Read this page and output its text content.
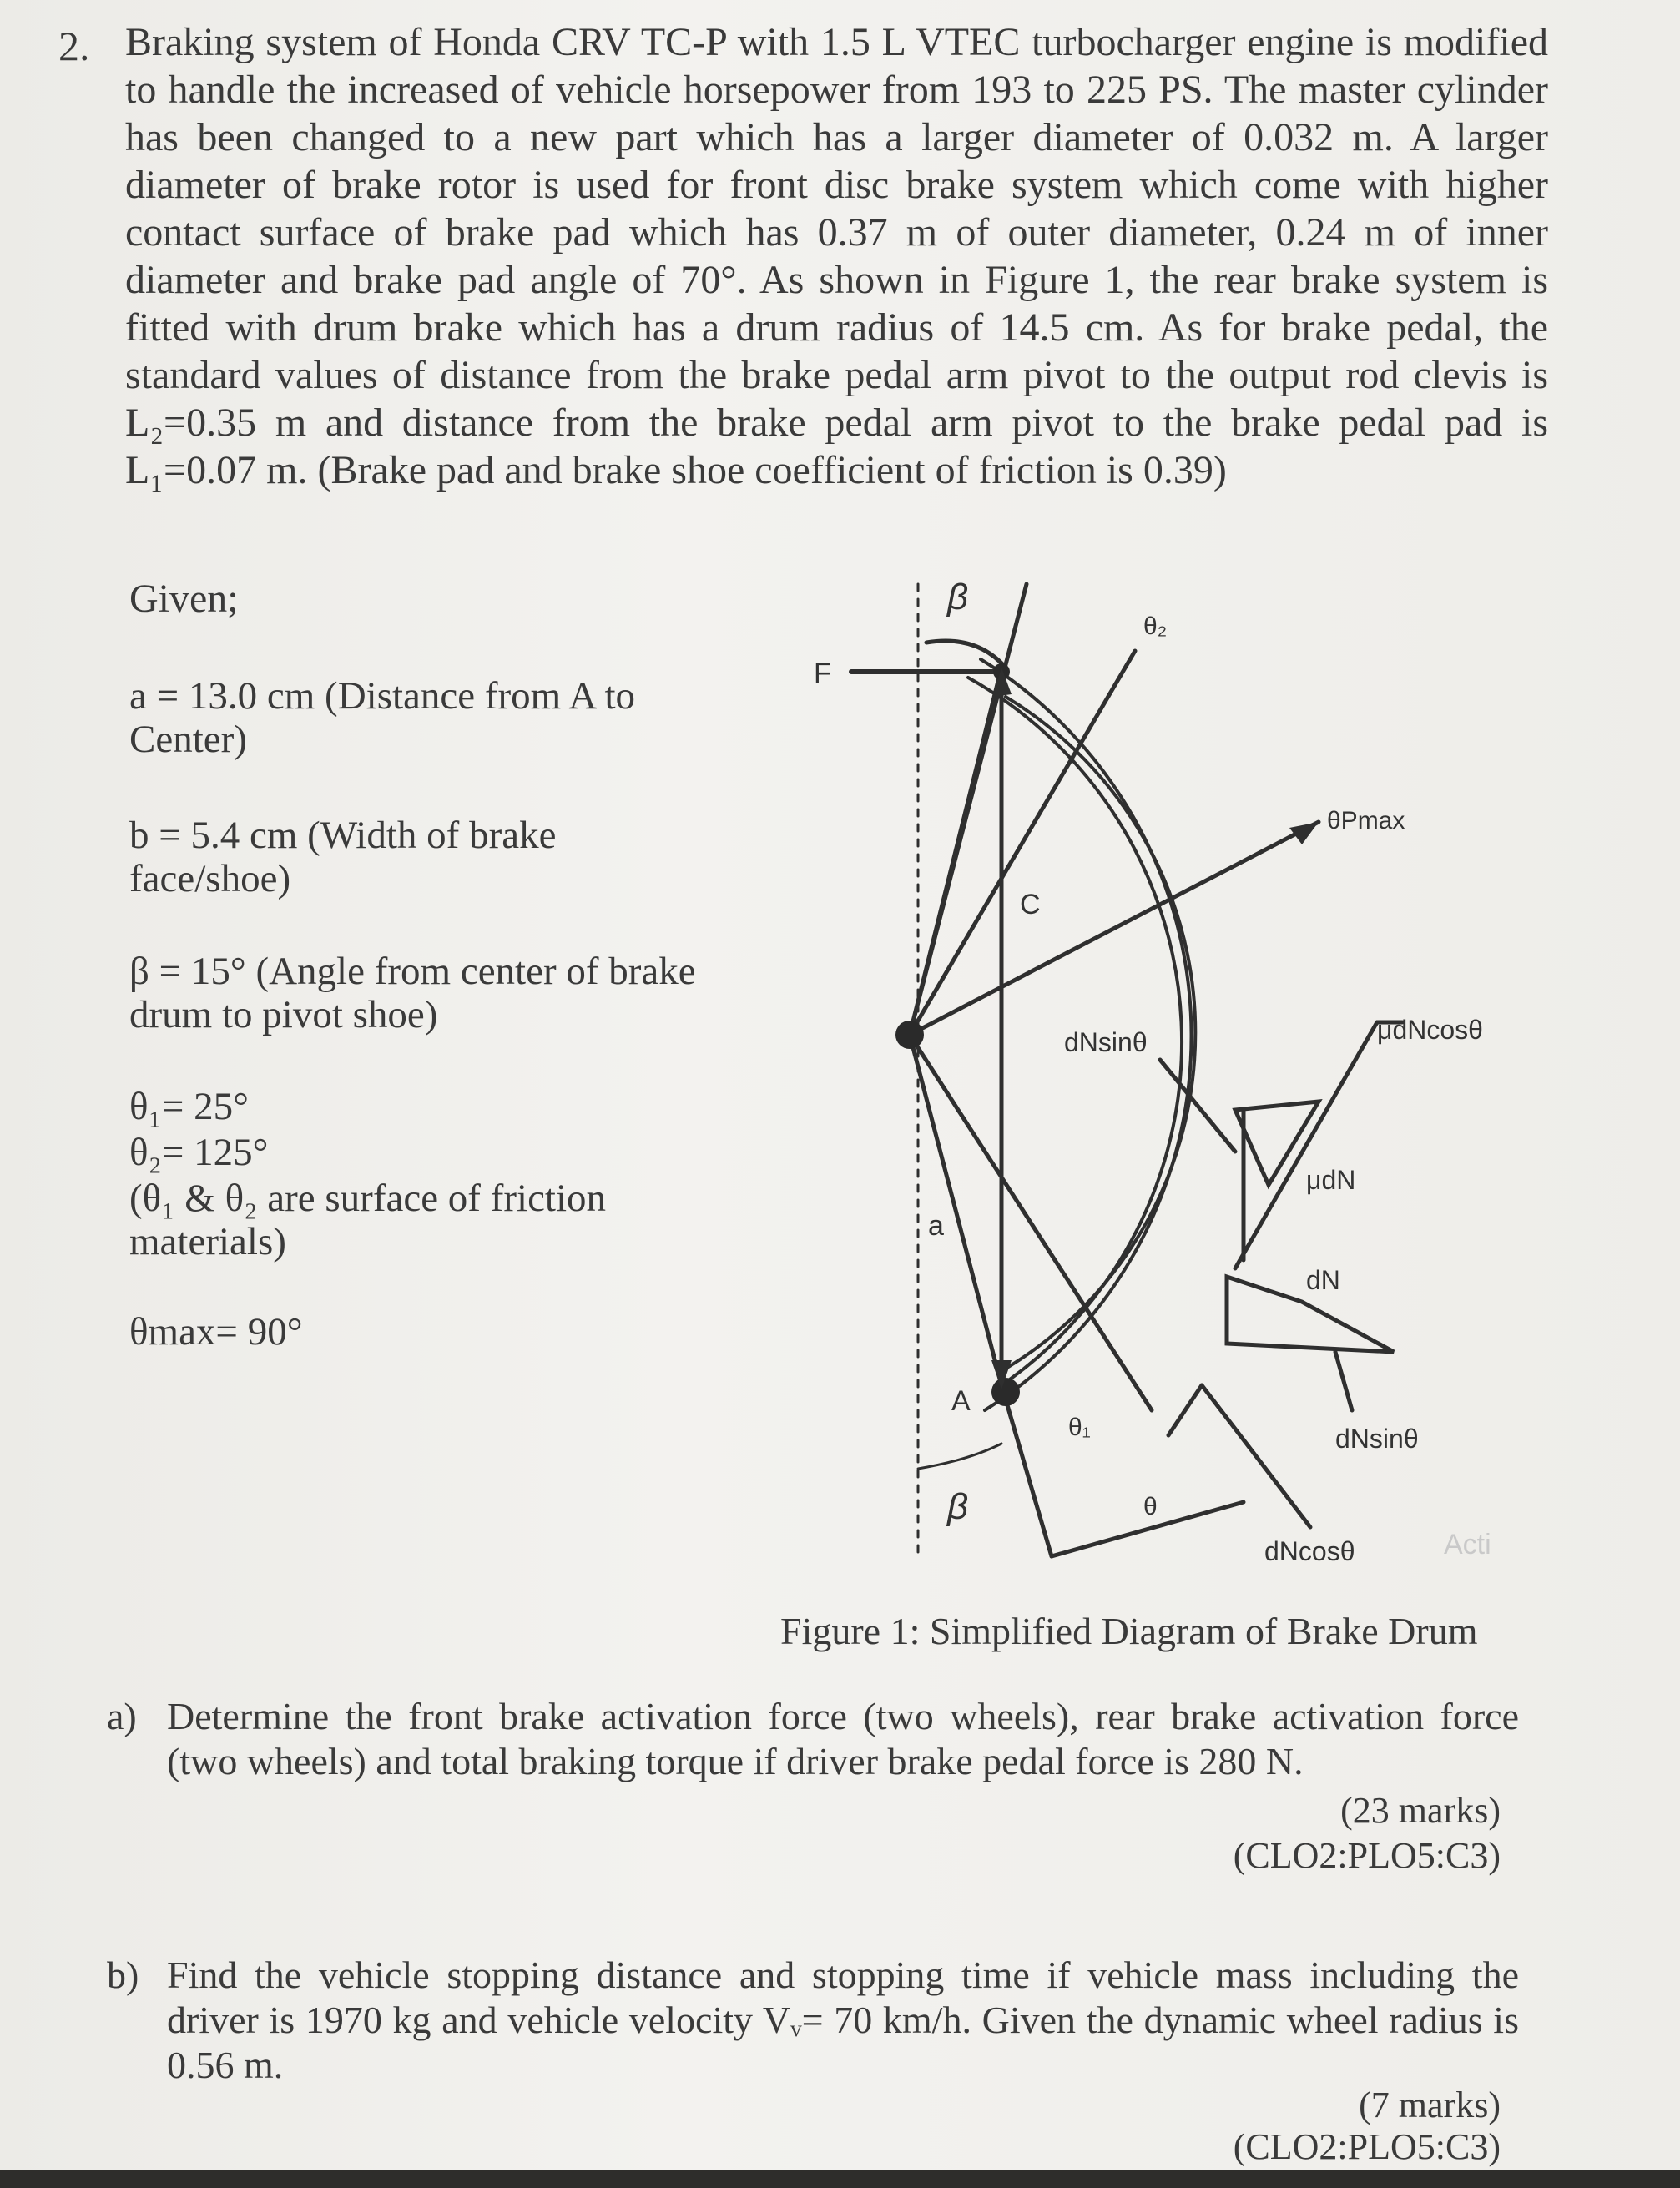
2. Braking system of Honda CRV TC-P with 1.5 L VTEC turbocharger engine is modified to handle the increased of vehicle horsepower from 193 to 225 PS. The master cylinder has been changed to a new part which has a larger diameter of 0.032 m. A larger diameter of brake rotor is used for front disc brake system which come with higher contact surface of brake pad which has 0.37 m of outer diameter, 0.24 m of inner diameter and brake pad angle of 70°. As shown in Figure 1, the rear brake system is fitted with drum brake which has a drum radius of 14.5 cm. As for brake pedal, the standard values of distance from the brake pedal arm pivot to the output rod clevis is L₂=0.35 m and distance from the brake pedal arm pivot to the brake pedal pad is L₁=0.07 m. (Brake pad and brake shoe coefficient of friction is 0.39)
Given;
a = 13.0 cm (Distance from A to Center)
b = 5.4 cm (Width of brake face/shoe)
β = 15° (Angle from center of brake drum to pivot shoe)
θ₁= 25°
θ₂= 125°
(θ₁ & θ₂ are surface of friction materials)
θmax= 90°
β
θ₂
F
θPmax
C
dNsinθ	μdNcosθ
μdN
dN
a
A
θ₁	dNsinθ
β	θ
dNcosθ	Acti
Figure 1: Simplified Diagram of Brake Drum
a) Determine the front brake activation force (two wheels), rear brake activation force (two wheels) and total braking torque if driver brake pedal force is 280 N.
(23 marks)
(CLO2:PLO5:C3)
b) Find the vehicle stopping distance and stopping time if vehicle mass including the driver is 1970 kg and vehicle velocity Vᵥ= 70 km/h. Given the dynamic wheel radius is 0.56 m.
(7 marks)
(CLO2:PLO5:C3)
